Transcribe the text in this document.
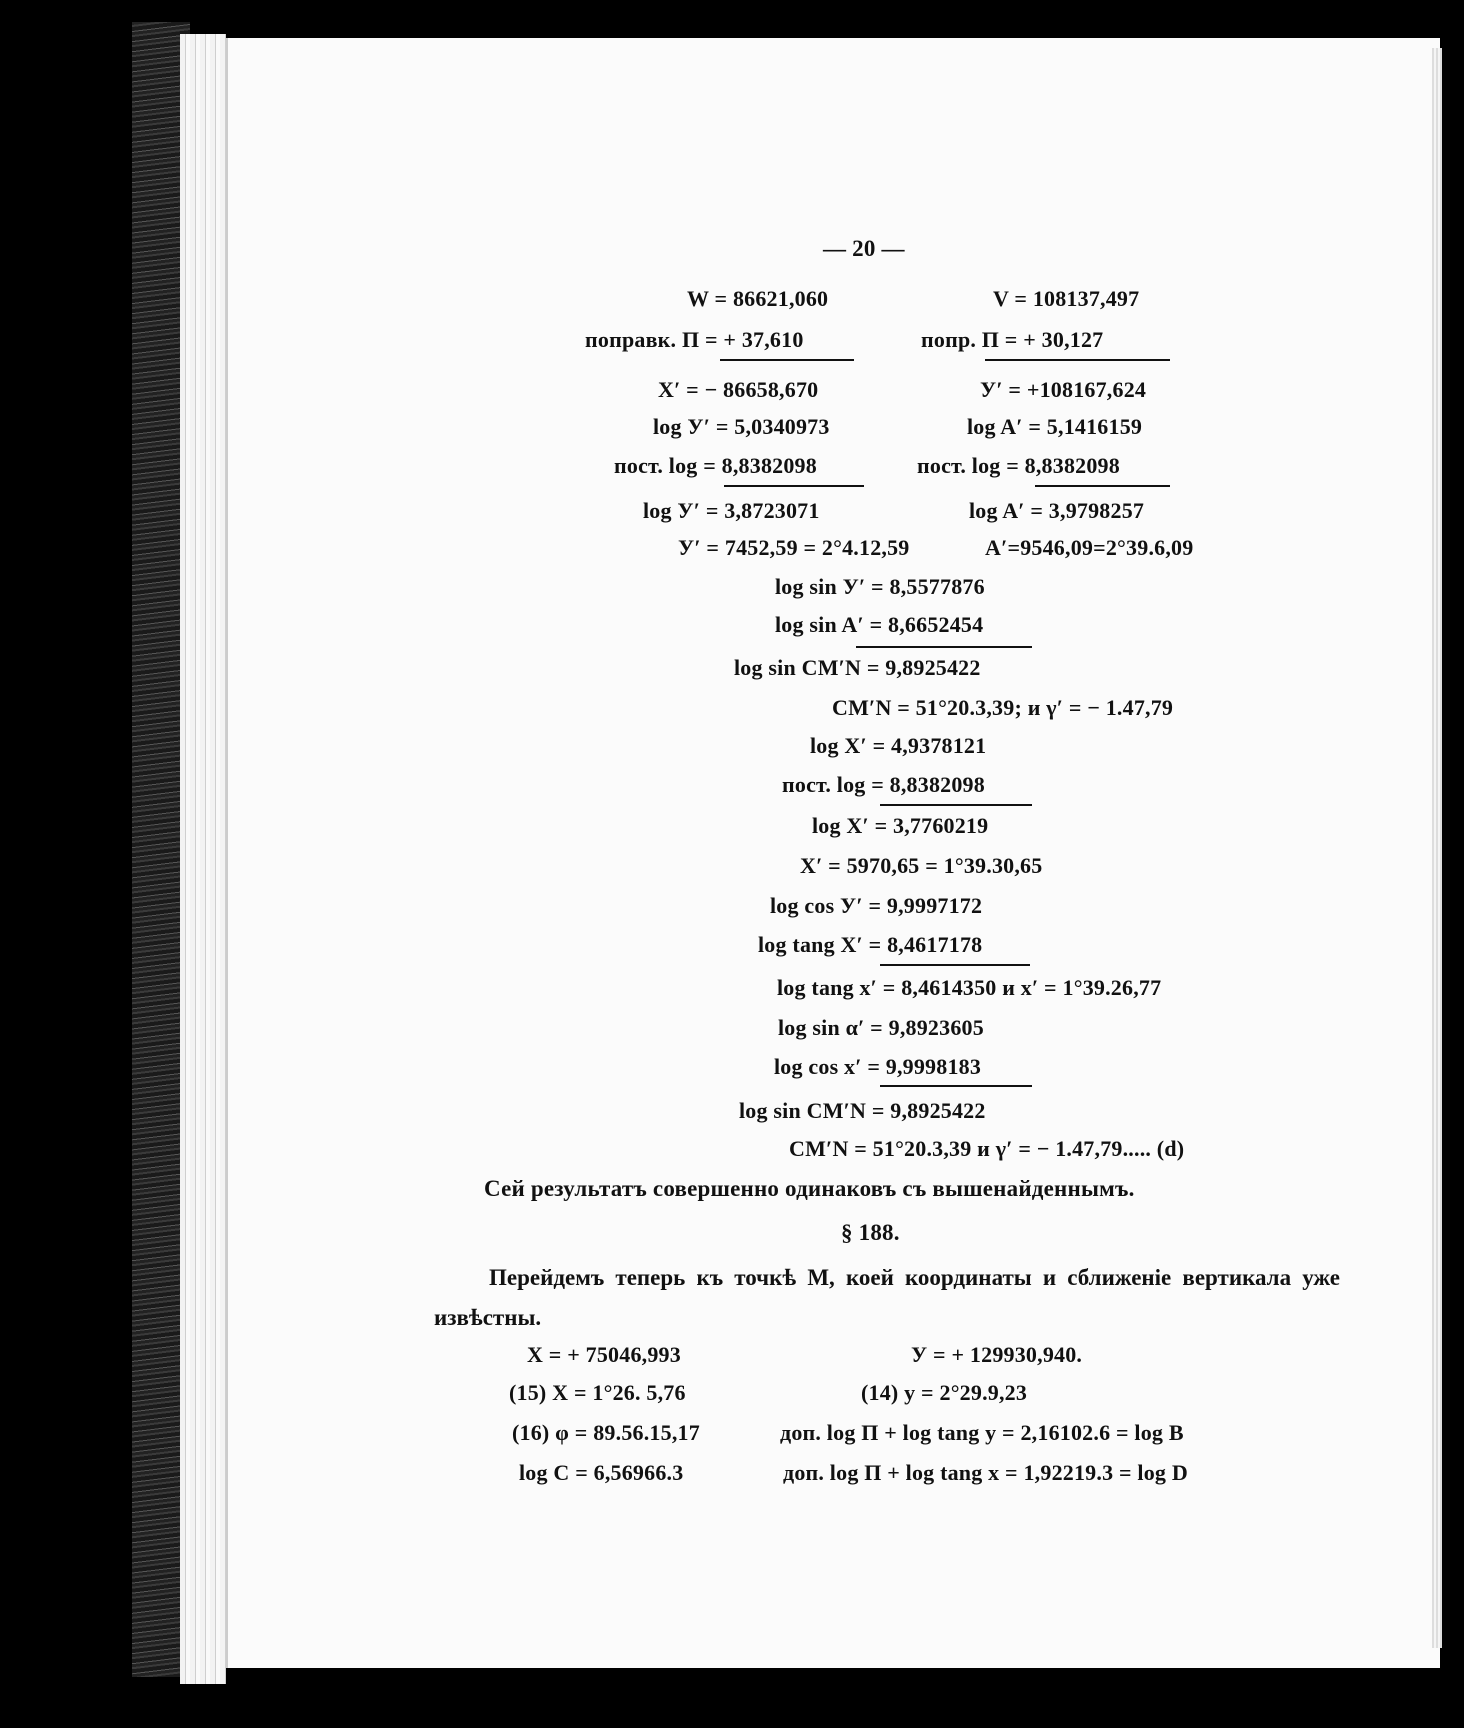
— 20 —
W = 86621,060	V = 108137,497
поправк. П = + 37,610	попр. П = + 30,127
X′ = − 86658,670	У′ = +108167,624
log У′ = 5,0340973	log A′ = 5,1416159
пост. log = 8,8382098	пост. log = 8,8382098
log У′ = 3,8723071	log A′ = 3,9798257
У′ = 7452,59 = 2°4.12,59	A′=9546,09=2°39.6,09
log sin У′ = 8,5577876
log sin A′ = 8,6652454
log sin CM′N = 9,8925422
CM′N = 51°20.3,39; и γ′ = − 1.47,79
log X′ = 4,9378121
пост. log = 8,8382098
log X′ = 3,7760219
X′ = 5970,65 = 1°39.30,65
log cos У′ = 9,9997172
log tang X′ = 8,4617178
log tang x′ = 8,4614350 и x′ = 1°39.26,77
log sin α′ = 9,8923605
log cos x′ = 9,9998183
log sin CM′N = 9,8925422
CM′N = 51°20.3,39 и γ′ = − 1.47,79..... (d)
Сей результатъ совершенно одинаковъ съ вышенайденнымъ.
§ 188.
Перейдемъ теперь къ точкѣ M, коей координаты и сближеніе вертикала уже извѣстны.
X = + 75046,993	У = + 129930,940.
(15) X = 1°26. 5,76	(14) у = 2°29.9,23
(16) φ = 89.56.15,17	доп. log П + log tang у = 2,16102.6 = log B
log C = 6,56966.3	доп. log П + log tang x = 1,92219.3 = log D
